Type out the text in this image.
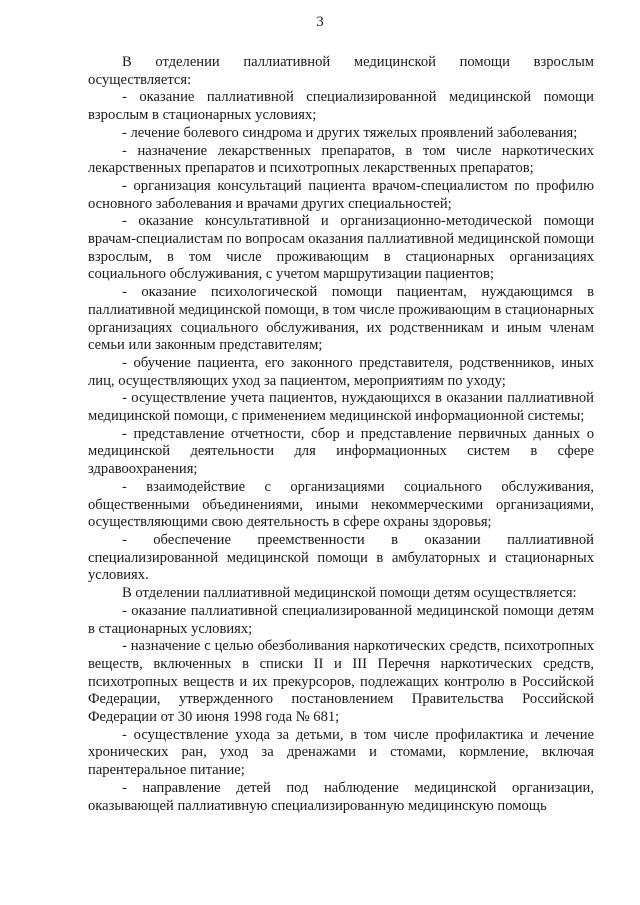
3

В отделении паллиативной медицинской помощи взрослым осуществляется:

- оказание паллиативной специализированной медицинской помощи взрослым в стационарных условиях;

- лечение болевого синдрома и других тяжелых проявлений заболевания;

- назначение лекарственных препаратов, в том числе наркотических лекарственных препаратов и психотропных лекарственных препаратов;

- организация консультаций пациента врачом-специалистом по профилю основного заболевания и врачами других специальностей;

- оказание консультативной и организационно-методической помощи врачам-специалистам по вопросам оказания паллиативной медицинской помощи взрослым, в том числе проживающим в стационарных организациях социального обслуживания, с учетом маршрутизации пациентов;

- оказание психологической помощи пациентам, нуждающимся в паллиативной медицинской помощи, в том числе проживающим в стационарных организациях социального обслуживания, их родственникам и иным членам семьи или законным представителям;

- обучение пациента, его законного представителя, родственников, иных лиц, осуществляющих уход за пациентом, мероприятиям по уходу;

- осуществление учета пациентов, нуждающихся в оказании паллиативной медицинской помощи, с применением медицинской информационной системы;

- представление отчетности, сбор и представление первичных данных о медицинской деятельности для информационных систем в сфере здравоохранения;

- взаимодействие с организациями социального обслуживания, общественными объединениями, иными некоммерческими организациями, осуществляющими свою деятельность в сфере охраны здоровья;

- обеспечение преемственности в оказании паллиативной специализированной медицинской помощи в амбулаторных и стационарных условиях.

В отделении паллиативной медицинской помощи детям осуществляется:

- оказание паллиативной специализированной медицинской помощи детям в стационарных условиях;

- назначение с целью обезболивания наркотических средств, психотропных веществ, включенных в списки II и III Перечня наркотических средств, психотропных веществ и их прекурсоров, подлежащих контролю в Российской Федерации, утвержденного постановлением Правительства Российской Федерации от 30 июня 1998 года № 681;

- осуществление ухода за детьми, в том числе профилактика и лечение хронических ран, уход за дренажами и стомами, кормление, включая парентеральное питание;

- направление детей под наблюдение медицинской организации, оказывающей паллиативную специализированную медицинскую помощь
